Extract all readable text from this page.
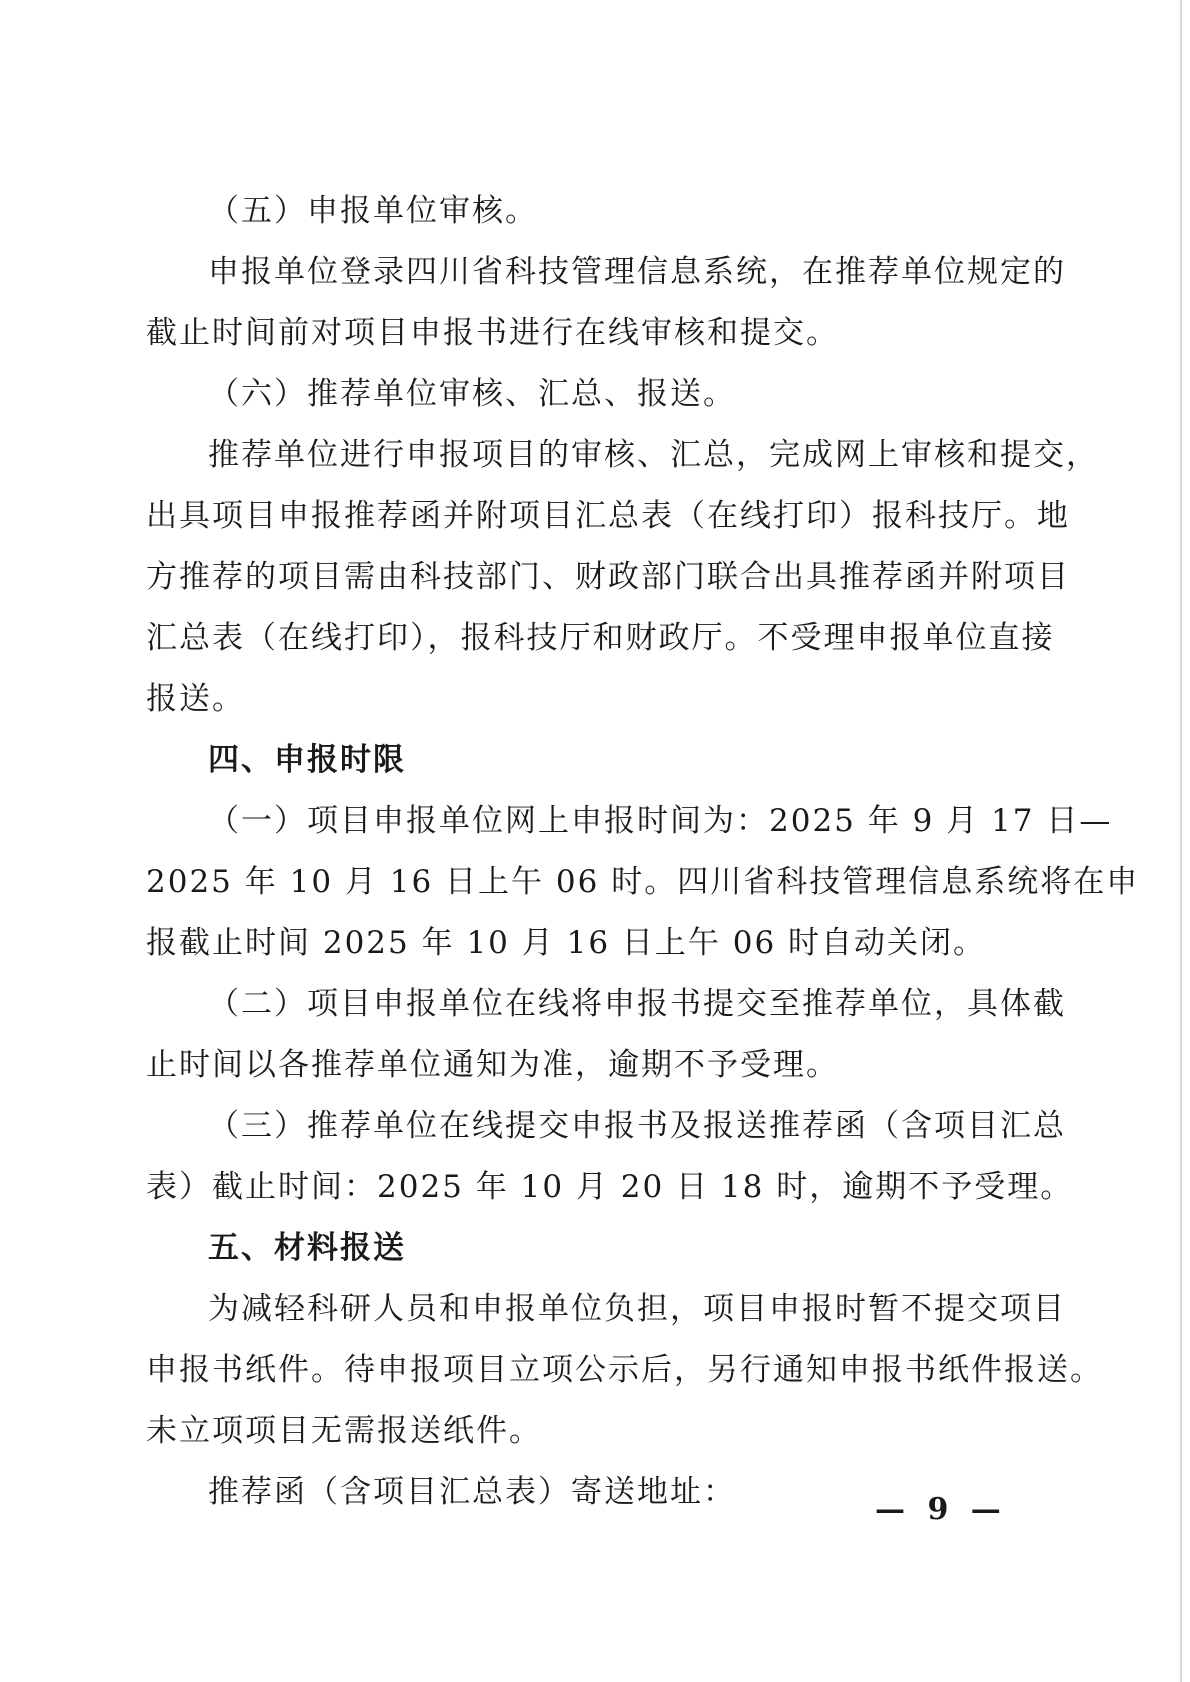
（五）申报单位审核。
申报单位登录四川省科技管理信息系统，在推荐单位规定的
截止时间前对项目申报书进行在线审核和提交。
（六）推荐单位审核、汇总、报送。
推荐单位进行申报项目的审核、汇总，完成网上审核和提交，
出具项目申报推荐函并附项目汇总表（在线打印）报科技厅。地
方推荐的项目需由科技部门、财政部门联合出具推荐函并附项目
汇总表（在线打印），报科技厅和财政厅。不受理申报单位直接
报送。
四、申报时限
（一）项目申报单位网上申报时间为：2025 年 9 月 17 日—
2025 年 10 月 16 日上午 06 时。四川省科技管理信息系统将在申
报截止时间 2025 年 10 月 16 日上午 06 时自动关闭。
（二）项目申报单位在线将申报书提交至推荐单位，具体截
止时间以各推荐单位通知为准，逾期不予受理。
（三）推荐单位在线提交申报书及报送推荐函（含项目汇总
表）截止时间：2025 年 10 月 20 日 18 时，逾期不予受理。
五、材料报送
为减轻科研人员和申报单位负担，项目申报时暂不提交项目
申报书纸件。待申报项目立项公示后，另行通知申报书纸件报送。
未立项项目无需报送纸件。
推荐函（含项目汇总表）寄送地址：	— 9 —
